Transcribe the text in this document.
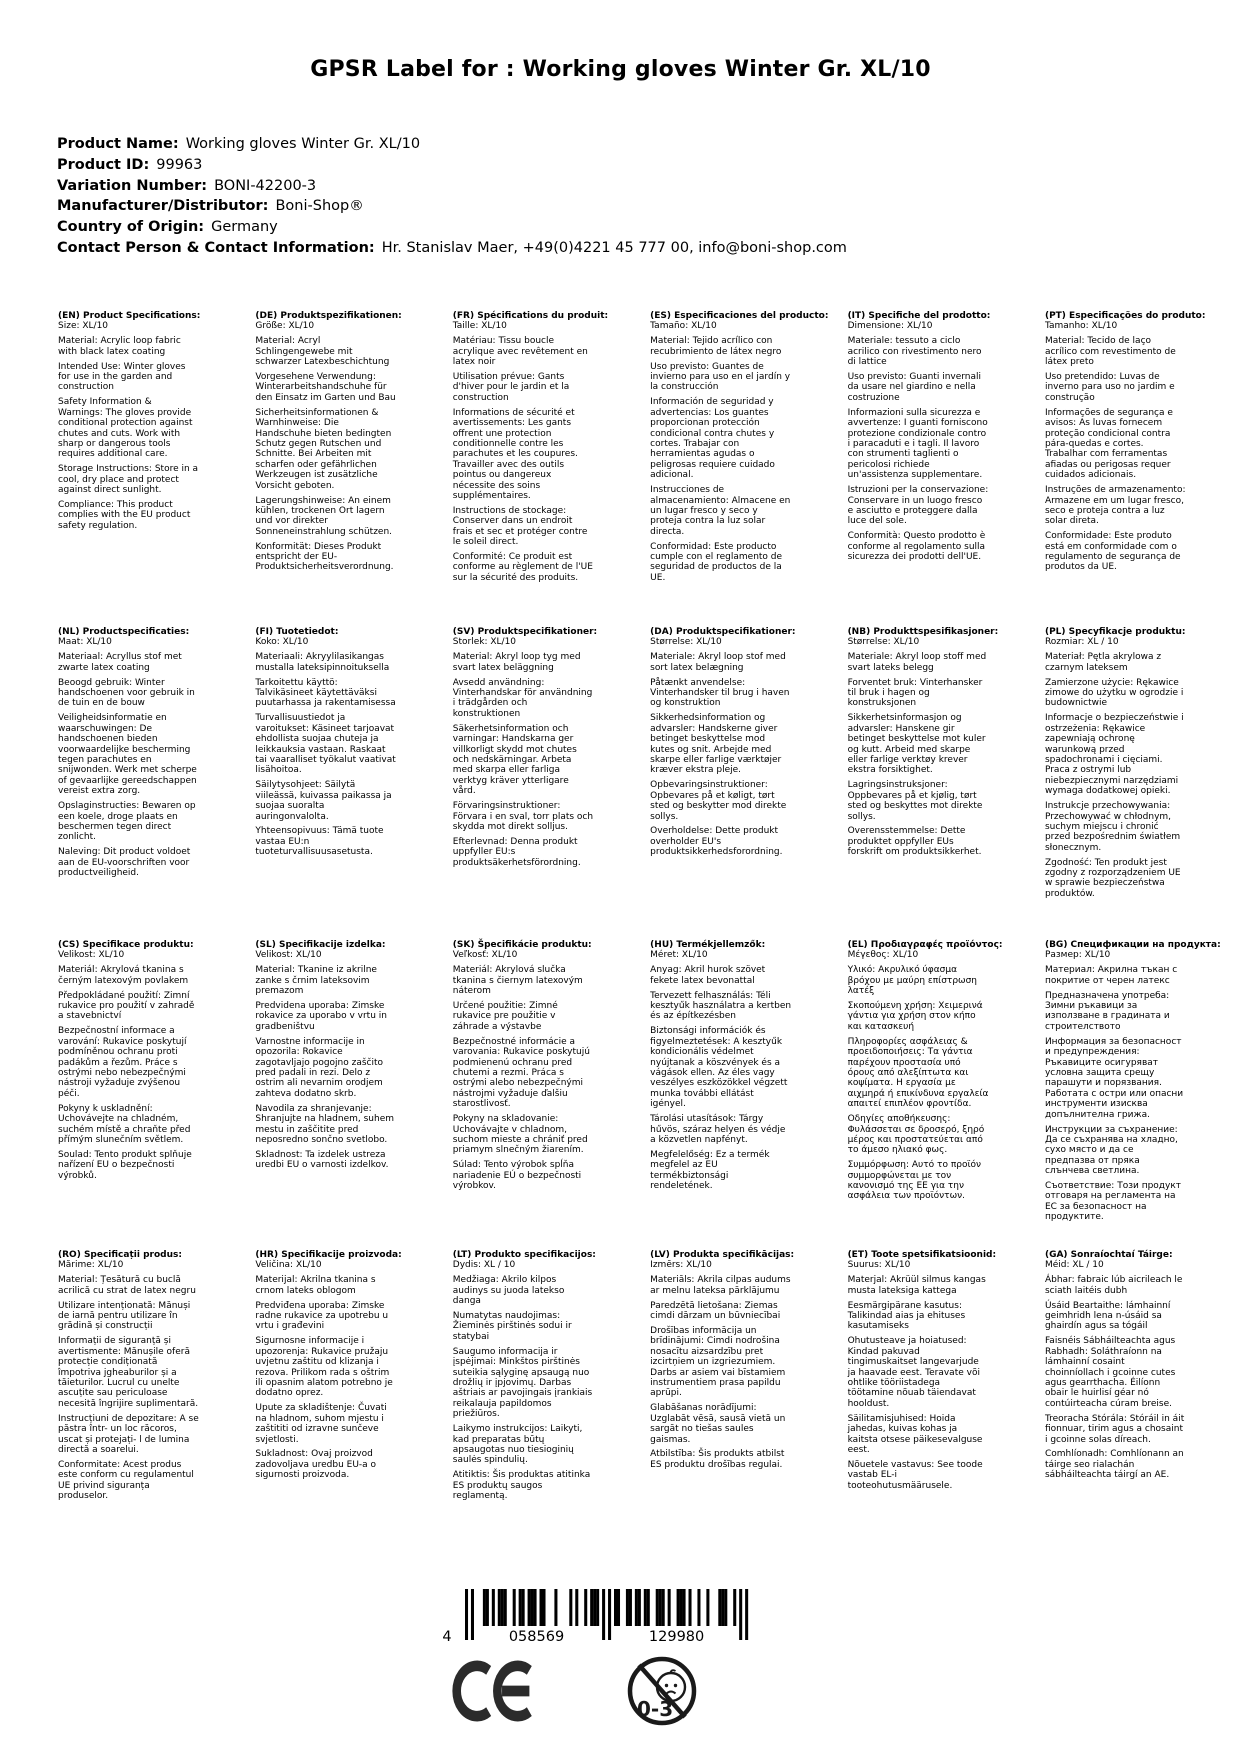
GPSR Label for : Working gloves Winter Gr. XL/10
Product Name: Working gloves Winter Gr. XL/10
Product ID: 99963
Variation Number: BONI-42200-3
Manufacturer/Distributor: Boni-Shop®
Country of Origin: Germany
Contact Person & Contact Information: Hr. Stanislav Maer, +49(0)4221 45 777 00, info@boni-shop.com
(EN) Product Specifications:
Size: XL/10
Material: Acrylic loop fabric with black latex coating
Intended Use: Winter gloves for use in the garden and construction
Safety Information & Warnings: The gloves provide conditional protection against chutes and cuts. Work with sharp or dangerous tools requires additional care.
Storage Instructions: Store in a cool, dry place and protect against direct sunlight.
Compliance: This product complies with the EU product safety regulation.
(DE) Produktspezifikationen:
Größe: XL/10
Material: Acryl Schlingengewebe mit schwarzer Latexbeschichtung
Vorgesehene Verwendung: Winterarbeitshandschuhe für den Einsatz im Garten und Bau
Sicherheitsinformationen & Warnhinweise: Die Handschuhe bieten bedingten Schutz gegen Rutschen und Schnitte. Bei Arbeiten mit scharfen oder gefährlichen Werkzeugen ist zusätzliche Vorsicht geboten.
Lagerungshinweise: An einem kühlen, trockenen Ort lagern und vor direkter Sonneneinstrahlung schützen.
Konformität: Dieses Produkt entspricht der EU-Produktsicherheitsverordnung.
(FR) Spécifications du produit:
Taille: XL/10
Matériau: Tissu boucle acrylique avec revêtement en latex noir
Utilisation prévue: Gants d'hiver pour le jardin et la construction
Informations de sécurité et avertissements: Les gants offrent une protection conditionnelle contre les parachutes et les coupures. Travailler avec des outils pointus ou dangereux nécessite des soins supplémentaires.
Instructions de stockage: Conserver dans un endroit frais et sec et protéger contre le soleil direct.
Conformité: Ce produit est conforme au règlement de l'UE sur la sécurité des produits.
(ES) Especificaciones del producto:
Tamaño: XL/10
Material: Tejido acrílico con recubrimiento de látex negro
Uso previsto: Guantes de invierno para uso en el jardín y la construcción
Información de seguridad y advertencias: Los guantes proporcionan protección condicional contra chutes y cortes. Trabajar con herramientas agudas o peligrosas requiere cuidado adicional.
Instrucciones de almacenamiento: Almacene en un lugar fresco y seco y proteja contra la luz solar directa.
Conformidad: Este producto cumple con el reglamento de seguridad de productos de la UE.
(IT) Specifiche del prodotto:
Dimensione: XL/10
Materiale: tessuto a ciclo acrilico con rivestimento nero di lattice
Uso previsto: Guanti invernali da usare nel giardino e nella costruzione
Informazioni sulla sicurezza e avvertenze: I guanti forniscono protezione condizionale contro i paracaduti e i tagli. Il lavoro con strumenti taglienti o pericolosi richiede un'assistenza supplementare.
Istruzioni per la conservazione: Conservare in un luogo fresco e asciutto e proteggere dalla luce del sole.
Conformità: Questo prodotto è conforme al regolamento sulla sicurezza dei prodotti dell'UE.
(PT) Especificações do produto:
Tamanho: XL/10
Material: Tecido de laço acrílico com revestimento de látex preto
Uso pretendido: Luvas de inverno para uso no jardim e construção
Informações de segurança e avisos: As luvas fornecem proteção condicional contra pára-quedas e cortes. Trabalhar com ferramentas afiadas ou perigosas requer cuidados adicionais.
Instruções de armazenamento: Armazene em um lugar fresco, seco e proteja contra a luz solar direta.
Conformidade: Este produto está em conformidade com o regulamento de segurança de produtos da UE.
(NL) Productspecificaties:
Maat: XL/10
Materiaal: Acryllus stof met zwarte latex coating
Beoogd gebruik: Winter handschoenen voor gebruik in de tuin en de bouw
Veiligheidsinformatie en waarschuwingen: De handschoenen bieden voorwaardelijke bescherming tegen parachutes en snijwonden. Werk met scherpe of gevaarlijke gereedschappen vereist extra zorg.
Opslaginstructies: Bewaren op een koele, droge plaats en beschermen tegen direct zonlicht.
Naleving: Dit product voldoet aan de EU-voorschriften voor productveiligheid.
(FI) Tuotetiedot:
Koko: XL/10
Materiaali: Akryylilasikangas mustalla lateksipinnoituksella
Tarkoitettu käyttö: Talvikäsineet käytettäväksi puutarhassa ja rakentamisessa
Turvallisuustiedot ja varoitukset: Käsineet tarjoavat ehdollista suojaa chuteja ja leikkauksia vastaan. Raskaat tai vaaralliset työkalut vaativat lisähoitoa.
Säilytysohjeet: Säilytä viileässä, kuivassa paikassa ja suojaa suoralta auringonvalolta.
Yhteensopivuus: Tämä tuote vastaa EU:n tuoteturvallisuusasetusta.
(SV) Produktspecifikationer:
Storlek: XL/10
Material: Akryl loop tyg med svart latex beläggning
Avsedd användning: Vinterhandskar för användning i trädgården och konstruktionen
Säkerhetsinformation och varningar: Handskarna ger villkorligt skydd mot chutes och nedskärningar. Arbeta med skarpa eller farliga verktyg kräver ytterligare vård.
Förvaringsinstruktioner: Förvara i en sval, torr plats och skydda mot direkt solljus.
Efterlevnad: Denna produkt uppfyller EU:s produktsäkerhetsförordning.
(DA) Produktspecifikationer:
Størrelse: XL/10
Materiale: Akryl loop stof med sort latex belægning
Påtænkt anvendelse: Vinterhandsker til brug i haven og konstruktion
Sikkerhedsinformation og advarsler: Handskerne giver betinget beskyttelse mod kutes og snit. Arbejde med skarpe eller farlige værktøjer kræver ekstra pleje.
Opbevaringsinstruktioner: Opbevares på et køligt, tørt sted og beskytter mod direkte sollys.
Overholdelse: Dette produkt overholder EU's produktsikkerhedsforordning.
(NB) Produkttspesifikasjoner:
Størrelse: XL/10
Materiale: Akryl loop stoff med svart lateks belegg
Forventet bruk: Vinterhansker til bruk i hagen og konstruksjonen
Sikkerhetsinformasjon og advarsler: Hanskene gir betinget beskyttelse mot kuler og kutt. Arbeid med skarpe eller farlige verktøy krever ekstra forsiktighet.
Lagringsinstruksjoner: Oppbevares på et kjølig, tørt sted og beskyttes mot direkte sollys.
Overensstemmelse: Dette produktet oppfyller EUs forskrift om produktsikkerhet.
(PL) Specyfikacje produktu:
Rozmiar: XL / 10
Materiał: Pętla akrylowa z czarnym lateksem
Zamierzone użycie: Rękawice zimowe do użytku w ogrodzie i budownictwie
Informacje o bezpieczeństwie i ostrzeżenia: Rękawice zapewniają ochronę warunkową przed spadochronami i cięciami. Praca z ostrymi lub niebezpiecznymi narzędziami wymaga dodatkowej opieki.
Instrukcje przechowywania: Przechowywać w chłodnym, suchym miejscu i chronić przed bezpośrednim światłem słonecznym.
Zgodność: Ten produkt jest zgodny z rozporządzeniem UE w sprawie bezpieczeństwa produktów.
(CS) Specifikace produktu:
Velikost: XL/10
Materiál: Akrylová tkanina s černým latexovým povlakem
Předpokládané použití: Zimní rukavice pro použití v zahradě a stavebnictví
Bezpečnostní informace a varování: Rukavice poskytují podmíněnou ochranu proti padákům a řezům. Práce s ostrými nebo nebezpečnými nástroji vyžaduje zvýšenou péči.
Pokyny k uskladnění: Uchovávejte na chladném, suchém místě a chraňte před přímým slunečním světlem.
Soulad: Tento produkt splňuje nařízení EU o bezpečnosti výrobků.
(SL) Specifikacije izdelka:
Velikost: XL/10
Material: Tkanine iz akrilne zanke s črnim lateksovim premazom
Predvidena uporaba: Zimske rokavice za uporabo v vrtu in gradbeništvu
Varnostne informacije in opozorila: Rokavice zagotavljajo pogojno zaščito pred padali in rezi. Delo z ostrim ali nevarnim orodjem zahteva dodatno skrb.
Navodila za shranjevanje: Shranjujte na hladnem, suhem mestu in zaščitite pred neposredno sončno svetlobo.
Skladnost: Ta izdelek ustreza uredbi EU o varnosti izdelkov.
(SK) Špecifikácie produktu:
Veľkosť: XL/10
Materiál: Akrylová slučka tkanina s čiernym latexovým náterom
Určené použitie: Zimné rukavice pre použitie v záhrade a výstavbe
Bezpečnostné informácie a varovania: Rukavice poskytujú podmienenú ochranu pred chutemi a rezmi. Práca s ostrými alebo nebezpečnými nástrojmi vyžaduje ďalšiu starostlivosť.
Pokyny na skladovanie: Uchovávajte v chladnom, suchom mieste a chrániť pred priamym slnečným žiarením.
Súlad: Tento výrobok spĺňa nariadenie EÚ o bezpečnosti výrobkov.
(HU) Termékjellemzők:
Méret: XL/10
Anyag: Akril hurok szövet fekete latex bevonattal
Tervezett felhasználás: Téli kesztyűk használatra a kertben és az építkezésben
Biztonsági információk és figyelmeztetések: A kesztyűk kondicionális védelmet nyújtanak a köszvények és a vágások ellen. Az éles vagy veszélyes eszközökkel végzett munka további ellátást igényel.
Tárolási utasítások: Tárgy hűvös, száraz helyen és védje a közvetlen napfényt.
Megfelelőség: Ez a termék megfelel az EU termékbiztonsági rendeletének.
(EL) Προδιαγραφές προϊόντος:
Μέγεθος: XL/10
Υλικό: Ακρυλικό ύφασμα βρόχου με μαύρη επίστρωση λατέξ
Σκοπούμενη χρήση: Χειμερινά γάντια για χρήση στον κήπο και κατασκευή
Πληροφορίες ασφάλειας & προειδοποιήσεις: Τα γάντια παρέχουν προστασία υπό όρους από αλεξίπτωτα και κοψίματα. Η εργασία με αιχμηρά ή επικίνδυνα εργαλεία απαιτεί επιπλέον φροντίδα.
Οδηγίες αποθήκευσης: Φυλάσσεται σε δροσερό, ξηρό μέρος και προστατεύεται από το άμεσο ηλιακό φως.
Συμμόρφωση: Αυτό το προϊόν συμμορφώνεται με τον κανονισμό της ΕΕ για την ασφάλεια των προϊόντων.
(BG) Спецификации на продукта:
Размер: XL/10
Материал: Акрилна тъкан с покритие от черен латекс
Предназначена употреба: Зимни ръкавици за използване в градината и строителството
Информация за безопасност и предупреждения: Ръкавиците осигуряват условна защита срещу парашути и порязвания. Работата с остри или опасни инструменти изисква допълнителна грижа.
Инструкции за съхранение: Да се съхранява на хладно, сухо място и да се предпазва от пряка слънчева светлина.
Съответствие: Този продукт отговаря на регламента на ЕС за безопасност на продуктите.
(RO) Specificații produs:
Mărime: XL/10
Material: Țesătură cu buclă acrilică cu strat de latex negru
Utilizare intenționată: Mănuși de iarnă pentru utilizare în grădină și construcții
Informații de siguranță și avertismente: Mănușile oferă protecție condiționată împotriva jgheaburilor și a tăieturilor. Lucrul cu unelte ascuțite sau periculoase necesită îngrijire suplimentară.
Instrucțiuni de depozitare: A se păstra într- un loc răcoros, uscat și protejați- l de lumina directă a soarelui.
Conformitate: Acest produs este conform cu regulamentul UE privind siguranța produselor.
(HR) Specifikacije proizvoda:
Veličina: XL/10
Materijal: Akrilna tkanina s crnom lateks oblogom
Predviđena uporaba: Zimske radne rukavice za upotrebu u vrtu i građevini
Sigurnosne informacije i upozorenja: Rukavice pružaju uvjetnu zaštitu od klizanja i rezova. Prilikom rada s oštrim ili opasnim alatom potrebno je dodatno oprez.
Upute za skladištenje: Čuvati na hladnom, suhom mjestu i zaštititi od izravne sunčeve svjetlosti.
Sukladnost: Ovaj proizvod zadovoljava uredbu EU-a o sigurnosti proizvoda.
(LT) Produkto specifikacijos:
Dydis: XL / 10
Medžiaga: Akrilo kilpos audinys su juoda latekso danga
Numatytas naudojimas: Žieminės pirštinės sodui ir statybai
Saugumo informacija ir įspėjimai: Minkštos pirštinės suteikia sąlyginę apsaugą nuo drožlių ir įpjovimų. Darbas aštriais ar pavojingais įrankiais reikalauja papildomos priežiūros.
Laikymo instrukcijos: Laikyti, kad preparatas būtų apsaugotas nuo tiesioginių saulės spindulių.
Atitiktis: Šis produktas atitinka ES produktų saugos reglamentą.
(LV) Produkta specifikācijas:
Izmērs: XL/10
Materiāls: Akrila cilpas audums ar melnu lateksa pārklājumu
Paredzētā lietošana: Ziemas cimdi dārzam un būvniecībai
Drošības informācija un brīdinājumi: Cimdi nodrošina nosacītu aizsardzību pret izcirtņiem un izgriezumiem. Darbs ar asiem vai bīstamiem instrumentiem prasa papildu aprūpi.
Glabāšanas norādījumi: Uzglabāt vēsā, sausā vietā un sargāt no tiešas saules gaismas.
Atbilstība: Šis produkts atbilst ES produktu drošības regulai.
(ET) Toote spetsifikatsioonid:
Suurus: XL/10
Materjal: Akrüül silmus kangas musta lateksiga kattega
Eesmärgipärane kasutus: Talikindad aias ja ehituses kasutamiseks
Ohutusteave ja hoiatused: Kindad pakuvad tingimuskaitset langevarjude ja haavade eest. Teravate või ohtlike tööriistadega töötamine nõuab täiendavat hooldust.
Säilitamisjuhised: Hoida jahedas, kuivas kohas ja kaitsta otsese päikesevalguse eest.
Nõuetele vastavus: See toode vastab EL-i tooteohutusmäärusele.
(GA) Sonraíochtaí Táirge:
Méid: XL / 10
Ábhar: fabraic lúb aicrileach le sciath laitéis dubh
Úsáid Beartaithe: lámhainní geimhridh lena n-úsáid sa ghairdín agus sa tógáil
Faisnéis Sábháilteachta agus Rabhadh: Soláthraíonn na lámhainní cosaint choinníollach i gcoinne cutes agus gearrthacha. Éilíonn obair le huirlisí géar nó contúirteacha cúram breise.
Treoracha Stórála: Stóráil in áit fionnuar, tirim agus a chosaint i gcoinne solas díreach.
Comhlíonadh: Comhlíonann an táirge seo rialachán sábháilteachta táirgí an AE.
4	058569	129980
0-3
